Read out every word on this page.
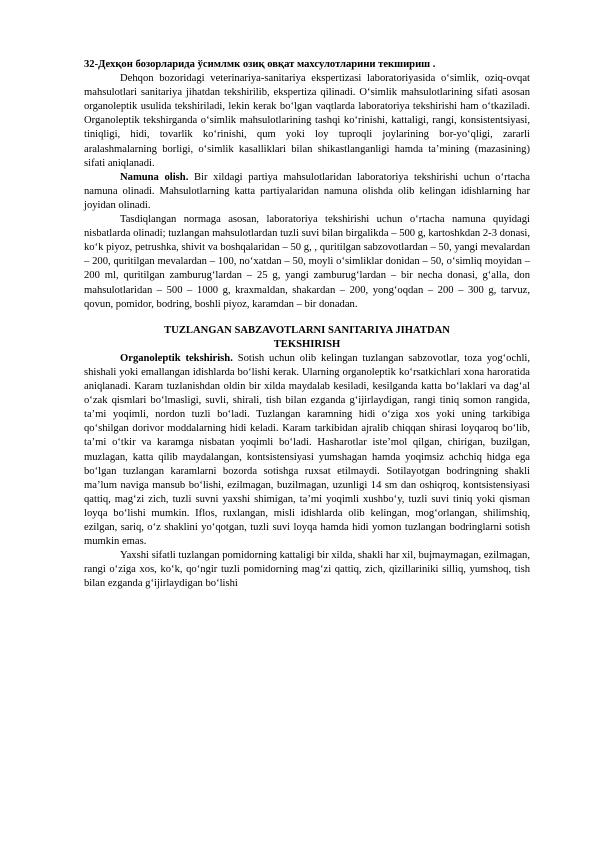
32-Дехқон бозорларида ўсимлмк озиқ овқат махсулотларини текшириш .

Dehqon bozoridagi veterinariya-sanitariya ekspertizasi laboratoriyasida oʻsimlik, oziq-ovqat mahsulotlari sanitariya jihatdan tekshirilib, ekspertiza qilinadi. Oʻsimlik mahsulotlarining sifati asosan organoleptik usulida tekshiriladi, lekin kerak boʻlgan vaqtlarda laboratoriya tekshirishi ham oʻtkaziladi. Organoleptik tekshirganda oʻsimlik mahsulotlarining tashqi koʻrinishi, kattaligi, rangi, konsistentsiyasi, tiniqligi, hidi, tovarlik koʻrinishi, qum yoki loy tuproqli joylarining bor-yoʻqligi, zararli aralashmalarning borligi, oʻsimlik kasalliklari bilan shikastlanganligi hamda taʼmining (mazasining) sifati aniqlanadi.

Namuna olish. Bir xildagi partiya mahsulotlaridan laboratoriya tekshirishi uchun oʻrtacha namuna olinadi. Mahsulotlarning katta partiyalaridan namuna olishda olib kelingan idishlarning har joyidan olinadi.

Tasdiqlangan normaga asosan, laboratoriya tekshirishi uchun oʻrtacha namuna quyidagi nisbatlarda olinadi; tuzlangan mahsulotlardan tuzli suvi bilan birgalikda – 500 g, kartoshkdan 2-3 donasi, koʻk piyoz, petrushka, shivit va boshqalaridan – 50 g, , quritilgan sabzovotlardan – 50, yangi mevalardan – 200, quritilgan mevalardan – 100, noʻxatdan – 50, moyli oʻsimliklar donidan – 50, oʻsimliq moyidan – 200 ml, quritilgan zamburugʻlardan – 25 g, yangi zamburugʻlardan – bir necha donasi, gʻalla, don mahsulotlaridan – 500 – 1000 g, kraxmaldan, shakardan – 200, yongʻoqdan – 200 – 300 g, tarvuz, qovun, pomidor, bodring, boshli piyoz, karamdan – bir donadan.

TUZLANGAN SABZAVOTLARNI SANITARIYA JIHATDAN
TEKSHIRISH

Organoleptik tekshirish. Sotish uchun olib kelingan tuzlangan sabzovotlar, toza yogʻochli, shishali yoki emallangan idishlarda boʻlishi kerak. Ularning organoleptik koʻrsatkichlari xona haroratida aniqlanadi. Karam tuzlanishdan oldin bir xilda maydalab kesiladi, kesilganda katta boʻlaklari va dagʻal oʻzak qismlari boʻlmasligi, suvli, shirali, tish bilan ezganda gʻijirlaydigan, rangi tiniq somon rangida, taʼmi yoqimli, nordon tuzli boʻladi. Tuzlangan karamning hidi oʻziga xos yoki uning tarkibiga qoʻshilgan dorivor moddalarning hidi keladi. Karam tarkibidan ajralib chiqqan shirasi loyqaroq boʻlib, taʼmi oʻtkir va karamga nisbatan yoqimli boʻladi. Hasharotlar isteʼmol qilgan, chirigan, buzilgan, muzlagan, katta qilib maydalangan, kontsistensiyasi yumshagan hamda yoqimsiz achchiq hidga ega boʻlgan tuzlangan karamlarni bozorda sotishga ruxsat etilmaydi. Sotilayotgan bodringning shakli maʼlum naviga mansub boʻlishi, ezilmagan, buzilmagan, uzunligi 14 sm dan oshiqroq, kontsistensiyasi qattiq, magʻzi zich, tuzli suvni yaxshi shimigan, taʼmi yoqimli xushboʻy, tuzli suvi tiniq yoki qisman loyqa boʻlishi mumkin. Iflos, ruxlangan, misli idishlarda olib kelingan, mogʻorlangan, shilimshiq, ezilgan, sariq, oʻz shaklini yoʻqotgan, tuzli suvi loyqa hamda hidi yomon tuzlangan bodringlarni sotish mumkin emas.

Yaxshi sifatli tuzlangan pomidorning kattaligi bir xilda, shakli har xil, bujmaymagan, ezilmagan, rangi oʻziga xos, koʻk, qoʻngir tuzli pomidorning magʻzi qattiq, zich, qizillariniki silliq, yumshoq, tish bilan ezganda gʻijirlaydigan boʻlishi
